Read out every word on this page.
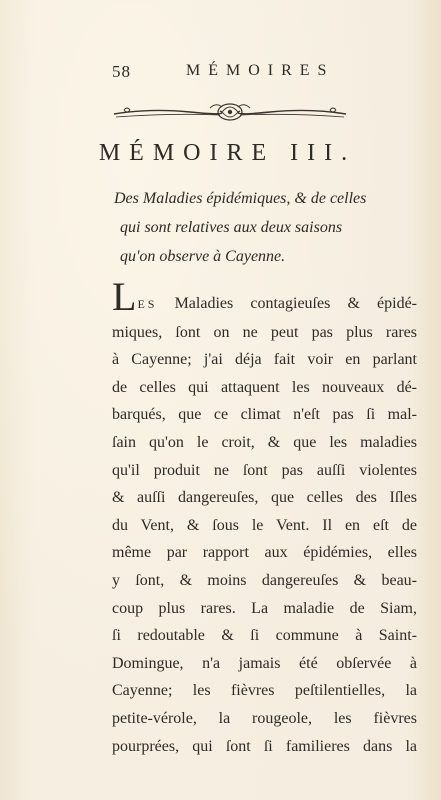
58	MÉMOIRES
MÉMOIRE III.
Des Maladies épidémiques, & de celles
qui sont relatives aux deux saisons
qu'on observe à Cayenne.
LES Maladies contagieuſes & épidé-
miques, ſont on ne peut pas plus rares
à Cayenne; j'ai déja fait voir en parlant
de celles qui attaquent les nouveaux dé-
barqués, que ce climat n'eſt pas ſi mal-
ſain qu'on le croit, & que les maladies
qu'il produit ne ſont pas auſſi violentes
& auſſi dangereuſes, que celles des Iſles
du Vent, & ſous le Vent. Il en eſt de
même par rapport aux épidémies, elles
y ſont, & moins dangereuſes & beau-
coup plus rares. La maladie de Siam,
ſi redoutable & ſi commune à Saint-
Domingue, n'a jamais été obſervée à
Cayenne; les fièvres peſtilentielles, la
petite-vérole, la rougeole, les fièvres
pourprées, qui ſont ſi familieres dans la
